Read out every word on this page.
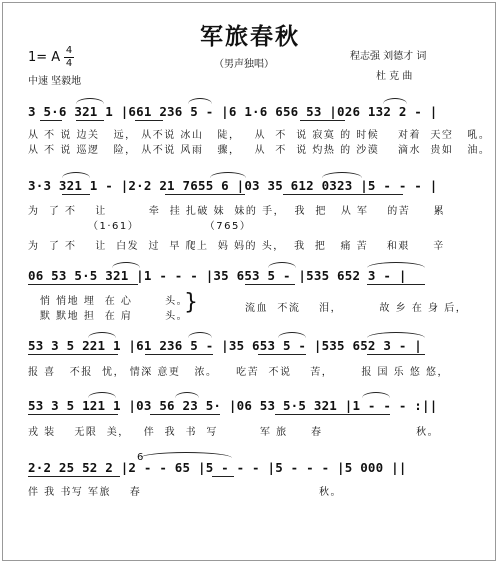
军旅春秋
（男声独唱）
1= A 4
4
中速 坚毅地
程志强 刘德才 词
杜 克 曲
3 5·6 321 1 |661 236 5 - |6 1·6 656 53 |026 132 2 - |
从 不 说 边关   远， 从不说 冰山   陡，   从  不  说 寂寞 的 时候    对着  天空   吼。
从 不 说 巡逻   险， 从不说 风雨   骤，   从  不  说 灼热 的 沙漠    滴水  贵如   油。
3·3 321 1 - |2·2 21 7655 6 |03 35 612 0323 |5 - - - |
为  了 不    让         牵  挂 扎破 妹  妹的 手，  我  把   从 军    的苦     累
（1·61）              （765）
为  了 不    让  白发  过  早 爬上  妈 妈的 头，  我  把   痛 苦    和艰     辛
06 53 5·5 321 |1 - - - |35 653 5 - |535 652 3 - |
悄 悄地 埋  在 心       头。
默 默地 担  在 肩       头。
}	流血  不流    泪，        故 乡 在 身 后，
53 3 5 221 1 |61 236 5 - |35 653 5 - |535 652 3 - |
报 喜   不报  忧， 情深 意更   浓。    吃苦  不说    苦，      报 国 乐 悠 悠，
53 3 5 121 1 |03 56 23 5· |06 53 5·5 321 |1 - - - :||
戎 装    无限  美，   伴  我  书  写         军 旅     春                    秋。
6
2·2 25 52 2 |2 - - 65 |5 - - - |5 - - - |5 000 ||
伴 我 书写 军旅    春                                      秋。
